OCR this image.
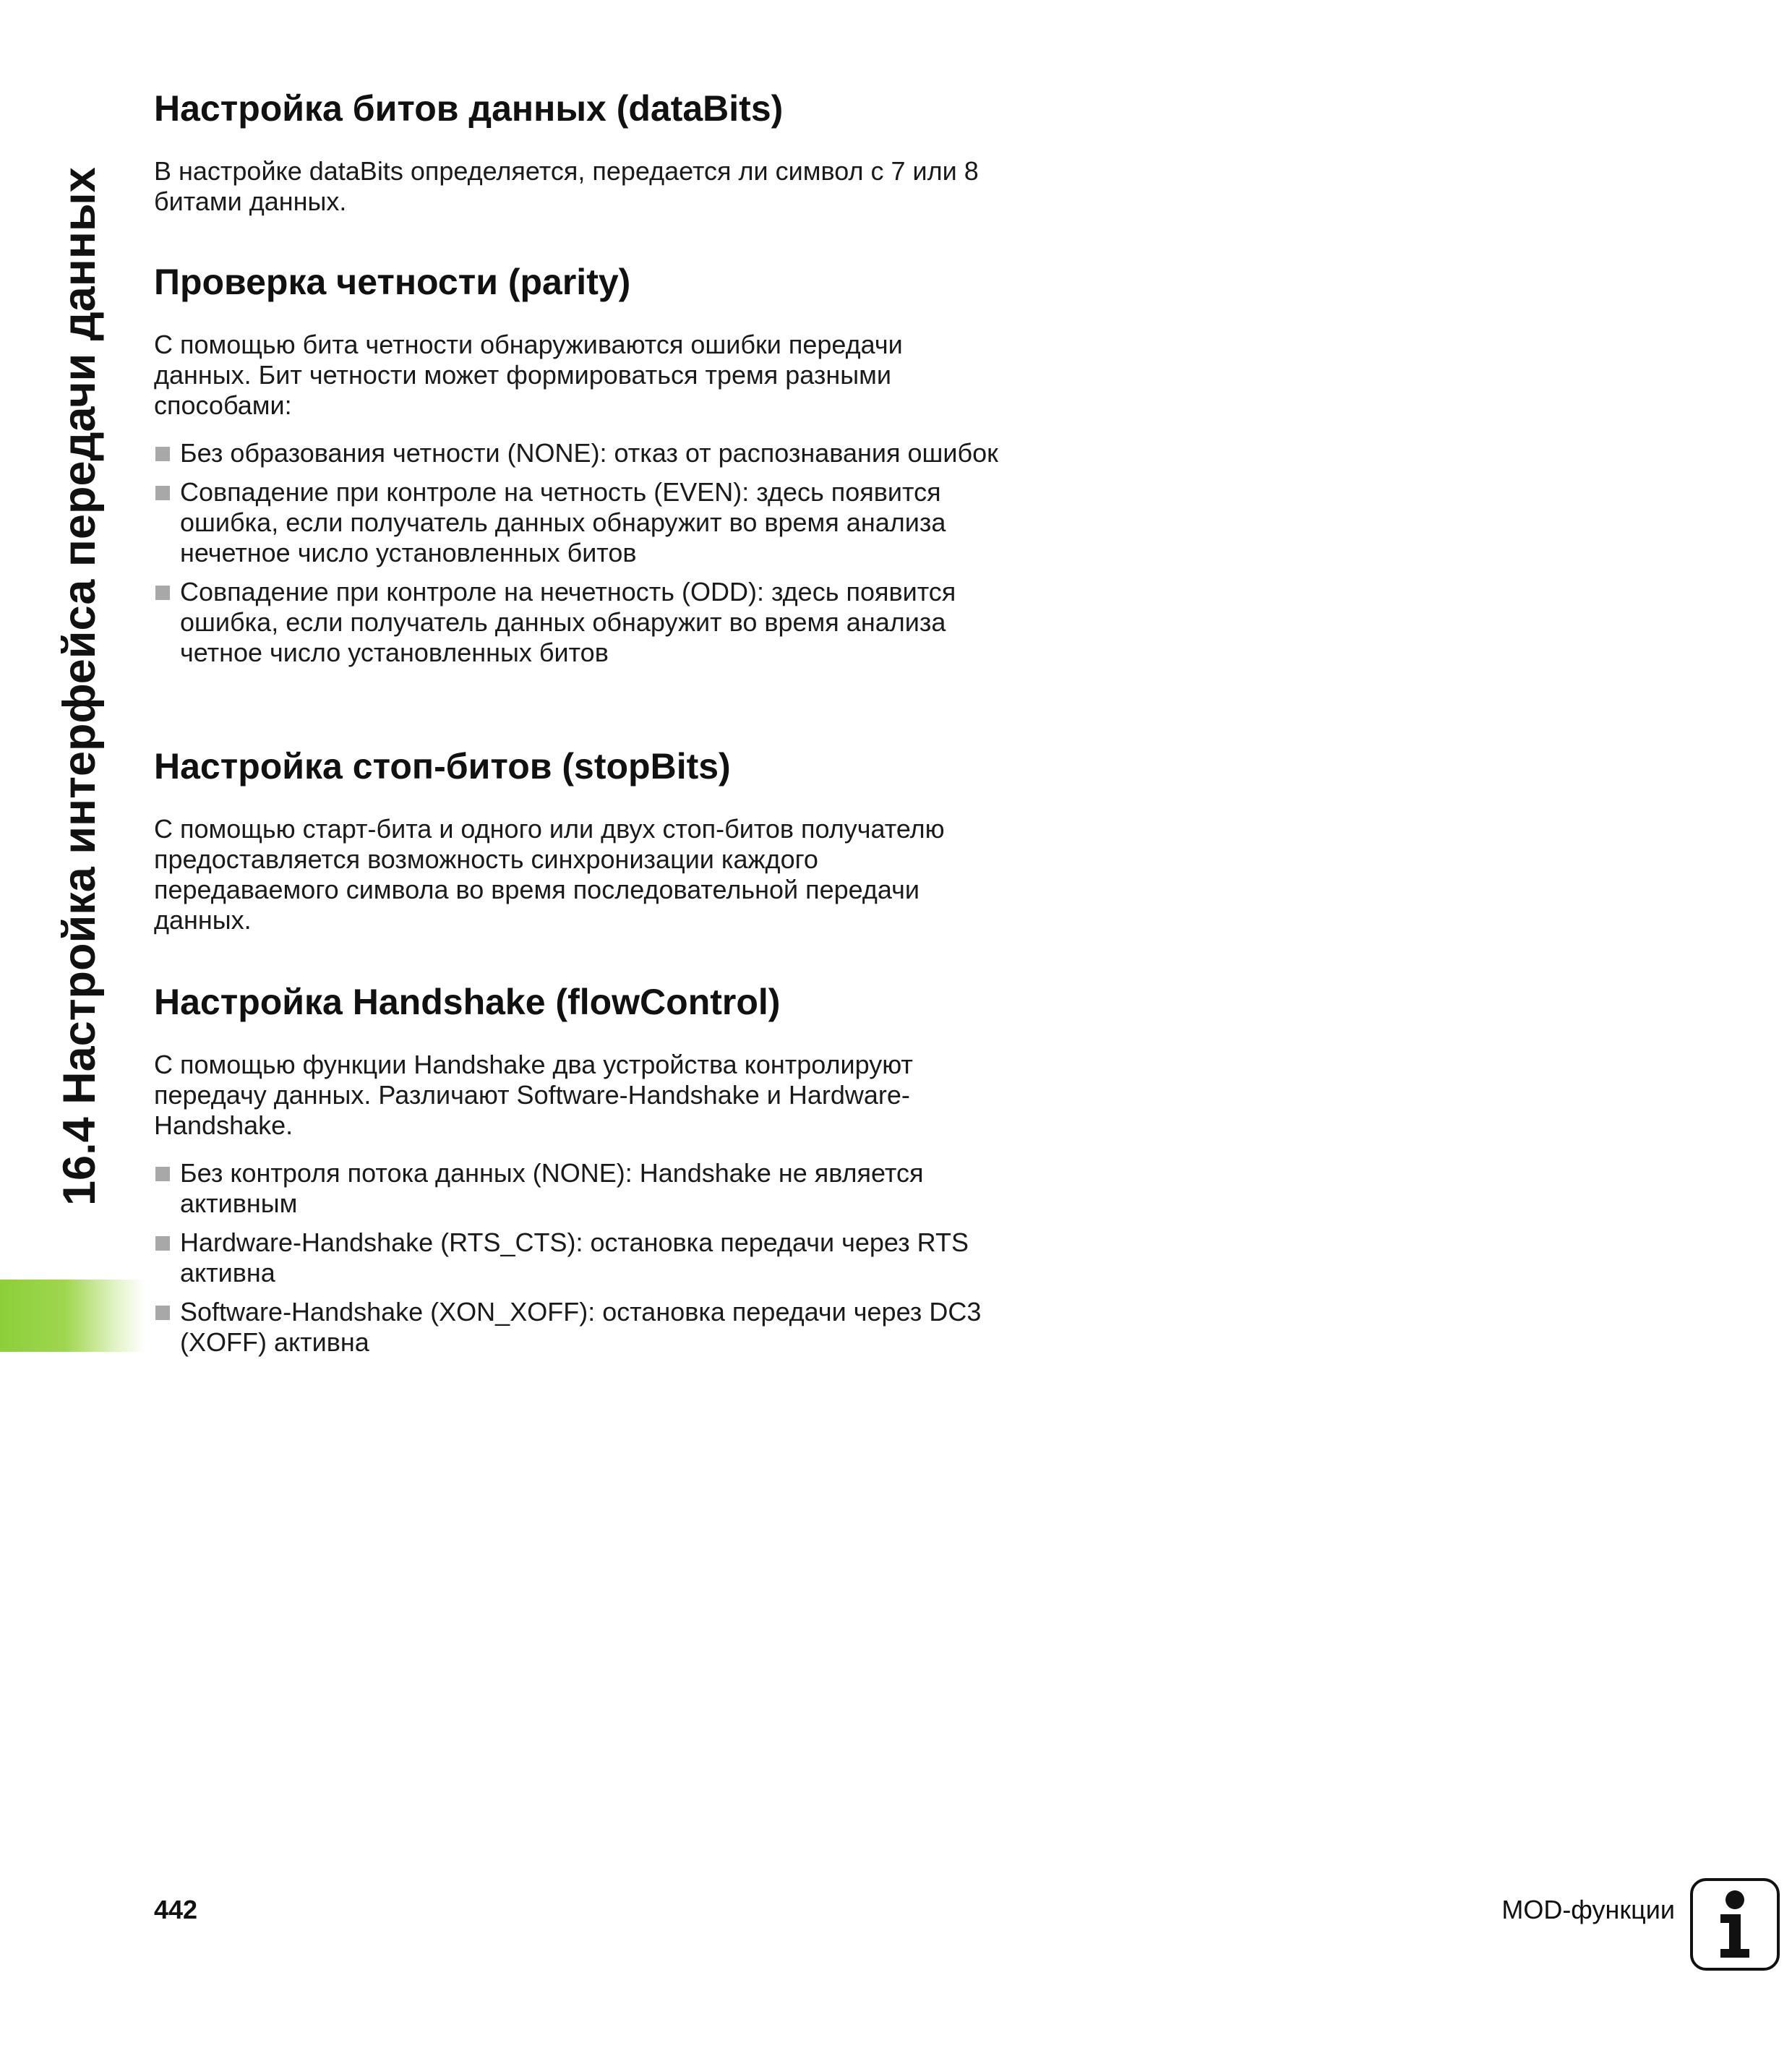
16.4 Настройка интерфейса передачи данных
Настройка битов данных (dataBits)

В настройке dataBits определяется, передается ли символ с 7 или 8 битами данных.

Проверка четности (parity)

С помощью бита четности обнаруживаются ошибки передачи данных. Бит четности может формироваться тремя разными способами:

Без образования четности (NONE): отказ от распознавания ошибок
Совпадение при контроле на четность (EVEN): здесь появится ошибка, если получатель данных обнаружит во время анализа нечетное число установленных битов
Совпадение при контроле на нечетность (ODD): здесь появится ошибка, если получатель данных обнаружит во время анализа четное число установленных битов
Настройка стоп-битов (stopBits)

С помощью старт-бита и одного или двух стоп-битов получателю предоставляется возможность синхронизации каждого передаваемого символа во время последовательной передачи данных.

Настройка Handshake (flowControl)

С помощью функции Handshake два устройства контролируют передачу данных. Различают Software-Handshake и Hardware-Handshake.

Без контроля потока данных (NONE): Handshake не является активным
Hardware-Handshake (RTS_CTS): остановка передачи через RTS активна
Software-Handshake (XON_XOFF): остановка передачи через DC3 (XOFF) активна
442	MOD-функции
